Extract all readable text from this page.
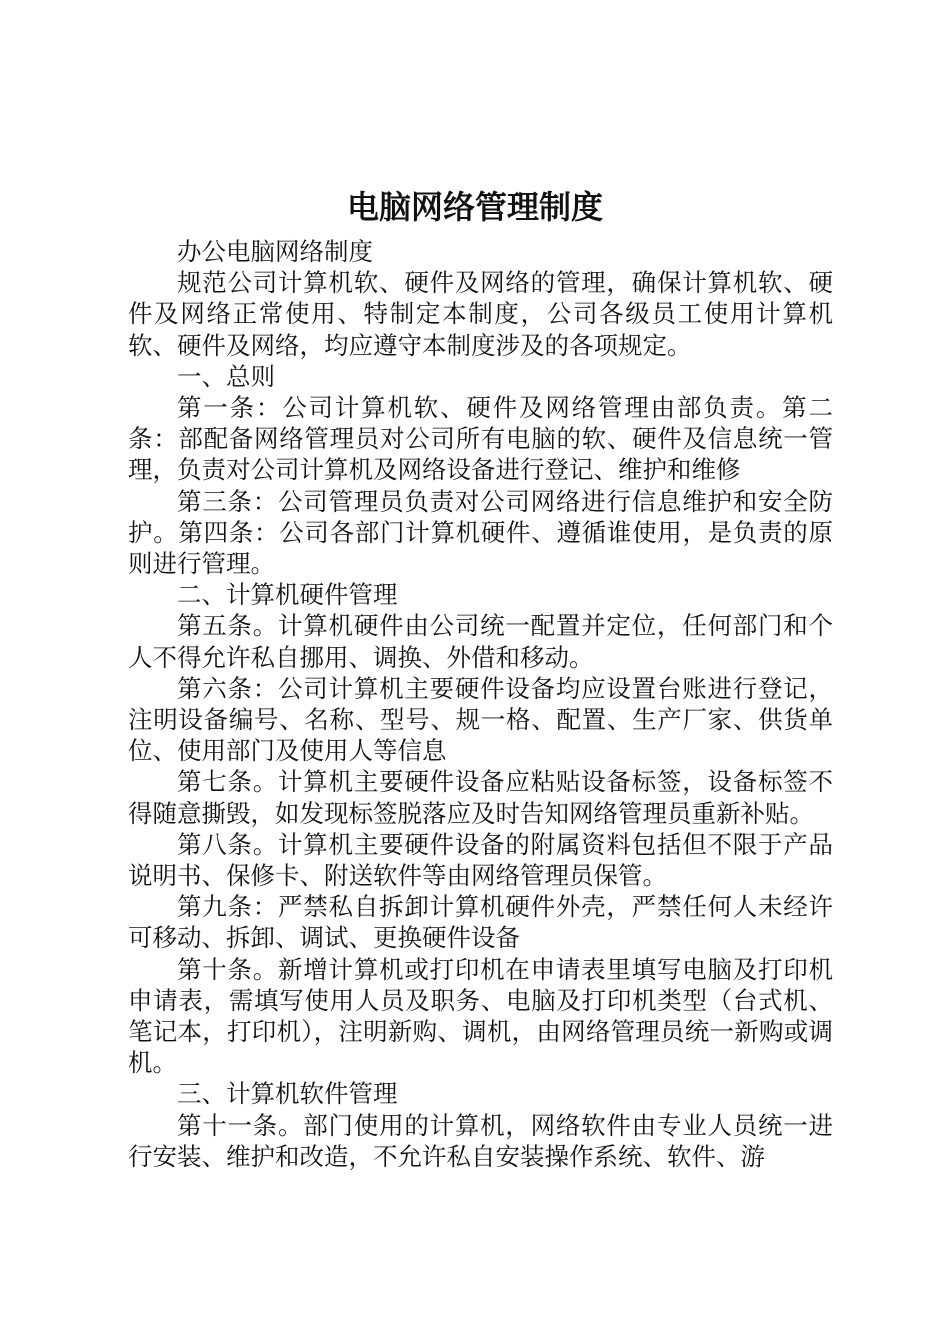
电脑网络管理制度

办公电脑网络制度

规范公司计算机软、硬件及网络的管理，确保计算机软、硬件及网络正常使用、特制定本制度，公司各级员工使用计算机软、硬件及网络，均应遵守本制度涉及的各项规定。

一、总则

第一条：公司计算机软、硬件及网络管理由部负责。第二条：部配备网络管理员对公司所有电脑的软、硬件及信息统一管理，负责对公司计算机及网络设备进行登记、维护和维修

第三条：公司管理员负责对公司网络进行信息维护和安全防护。第四条：公司各部门计算机硬件、遵循谁使用，是负责的原则进行管理。

二、计算机硬件管理

第五条。计算机硬件由公司统一配置并定位，任何部门和个人不得允许私自挪用、调换、外借和移动。

第六条：公司计算机主要硬件设备均应设置台账进行登记，注明设备编号、名称、型号、规一格、配置、生产厂家、供货单位、使用部门及使用人等信息

第七条。计算机主要硬件设备应粘贴设备标签，设备标签不得随意撕毁，如发现标签脱落应及时告知网络管理员重新补贴。

第八条。计算机主要硬件设备的附属资料包括但不限于产品说明书、保修卡、附送软件等由网络管理员保管。

第九条：严禁私自拆卸计算机硬件外壳，严禁任何人未经许可移动、拆卸、调试、更换硬件设备

第十条。新增计算机或打印机在申请表里填写电脑及打印机申请表，需填写使用人员及职务、电脑及打印机类型（台式机、笔记本，打印机），注明新购、调机，由网络管理员统一新购或调机。

三、计算机软件管理

第十一条。部门使用的计算机，网络软件由专业人员统一进行安装、维护和改造，不允许私自安装操作系统、软件、游
